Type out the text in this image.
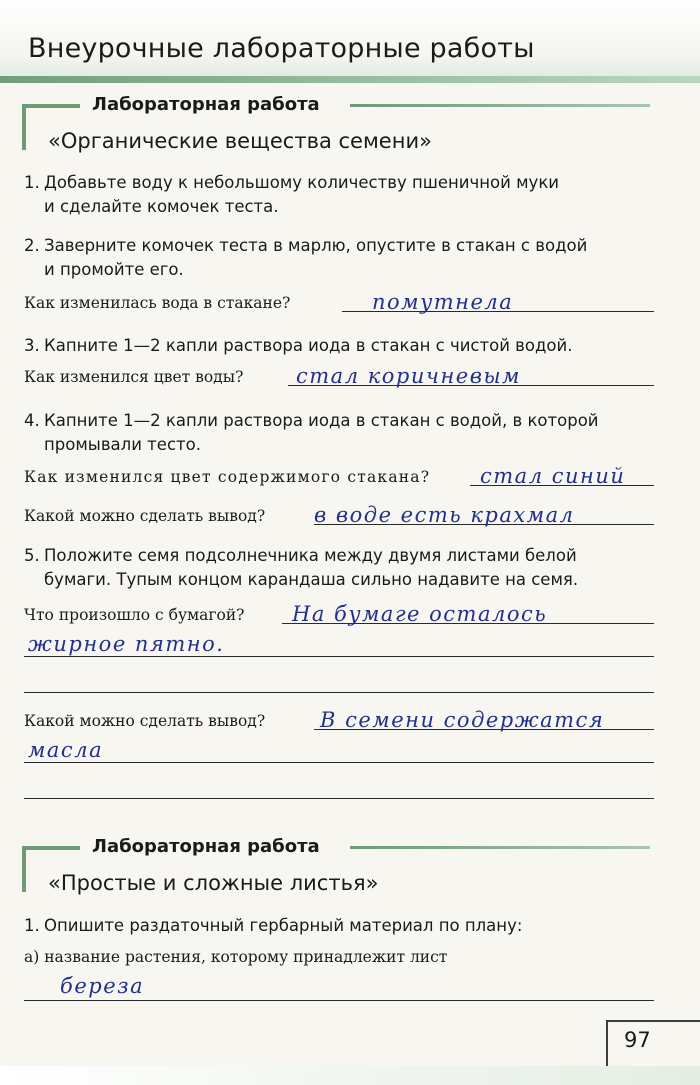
Внеурочные лабораторные работы
Лабораторная работа
«Органические вещества семени»
1. Добавьте воду к небольшому количеству пшеничной муки
и сделайте комочек теста.
2. Заверните комочек теста в марлю, опустите в стакан с водой
и промойте его.
Как изменилась вода в стакане?	помутнела
3. Капните 1—2 капли раствора иода в стакан с чистой водой.
Как изменился цвет воды?	стал коричневым
4. Капните 1—2 капли раствора иода в стакан с водой, в которой
промывали тесто.
Как изменился цвет содержимого стакана? стал синий
Какой можно сделать вывод? в воде есть крахмал
5. Положите семя подсолнечника между двумя листами белой
бумаги. Тупым концом карандаша сильно надавите на семя.
Что произошло с бумагой? На бумаге осталось
жирное пятно.
Какой можно сделать вывод?	В семени содержатся
масла
Лабораторная работа
«Простые и сложные листья»
1. Опишите раздаточный гербарный материал по плану:
а) название растения, которому принадлежит лист
береза
97
